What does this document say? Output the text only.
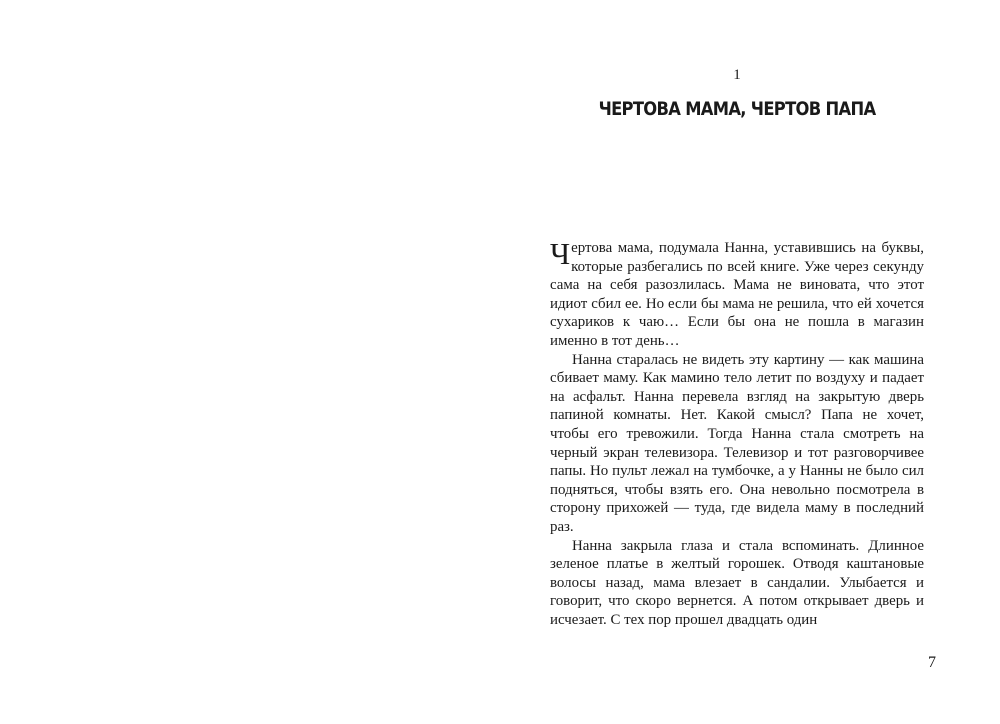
1
ЧЕРТОВА МАМА, ЧЕРТОВ ПАПА

Чертова мама, подумала Нанна, уставившись на буквы, которые разбегались по всей книге. Уже через секунду сама на себя разозлилась. Мама не виновата, что этот идиот сбил ее. Но если бы мама не решила, что ей хочется сухариков к чаю… Если бы она не пошла в магазин именно в тот день…

Нанна старалась не видеть эту картину — как машина сбивает маму. Как мамино тело летит по воздуху и падает на асфальт. Нанна перевела взгляд на закрытую дверь папиной комнаты. Нет. Какой смысл? Папа не хочет, чтобы его тревожили. Тогда Нанна стала смотреть на черный экран телевизора. Телевизор и тот разговорчивее папы. Но пульт лежал на тумбочке, а у Нанны не было сил подняться, чтобы взять его. Она невольно посмотрела в сторону прихожей — туда, где видела маму в последний раз.

Нанна закрыла глаза и стала вспоминать. Длинное зеленое платье в желтый горошек. Отводя каштановые волосы назад, мама влезает в сандалии. Улыбается и говорит, что скоро вернется. А потом открывает дверь и исчезает. С тех пор прошел двадцать один

7
